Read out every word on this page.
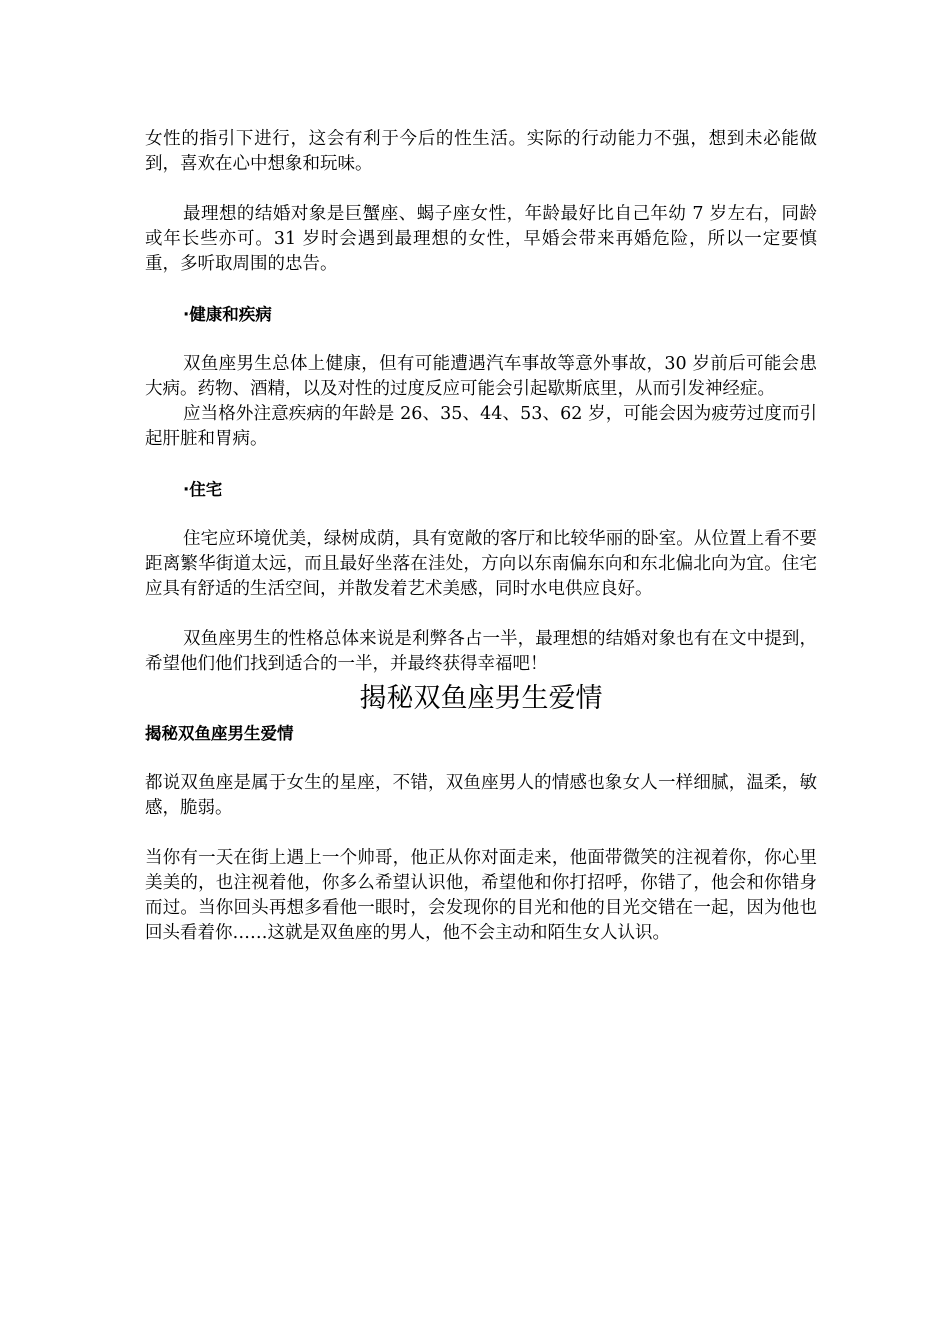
女性的指引下进行，这会有利于今后的性生活。实际的行动能力不强，想到未必能做到，喜欢在心中想象和玩味。

最理想的结婚对象是巨蟹座、蝎子座女性，年龄最好比自己年幼 7 岁左右，同龄或年长些亦可。31 岁时会遇到最理想的女性，早婚会带来再婚危险，所以一定要慎重，多听取周围的忠告。

·健康和疾病

双鱼座男生总体上健康，但有可能遭遇汽车事故等意外事故，30 岁前后可能会患大病。药物、酒精，以及对性的过度反应可能会引起歇斯底里，从而引发神经症。

应当格外注意疾病的年龄是 26、35、44、53、62 岁，可能会因为疲劳过度而引起肝脏和胃病。

·住宅

住宅应环境优美，绿树成荫，具有宽敞的客厅和比较华丽的卧室。从位置上看不要距离繁华街道太远，而且最好坐落在洼处，方向以东南偏东向和东北偏北向为宜。住宅应具有舒适的生活空间，并散发着艺术美感，同时水电供应良好。

双鱼座男生的性格总体来说是利弊各占一半，最理想的结婚对象也有在文中提到，希望他们他们找到适合的一半，并最终获得幸福吧！

揭秘双鱼座男生爱情

揭秘双鱼座男生爱情

都说双鱼座是属于女生的星座，不错，双鱼座男人的情感也象女人一样细腻，温柔，敏感，脆弱。

当你有一天在街上遇上一个帅哥，他正从你对面走来，他面带微笑的注视着你，你心里美美的，也注视着他，你多么希望认识他，希望他和你打招呼，你错了，他会和你错身而过。当你回头再想多看他一眼时，会发现你的目光和他的目光交错在一起，因为他也回头看着你……这就是双鱼座的男人，他不会主动和陌生女人认识。
